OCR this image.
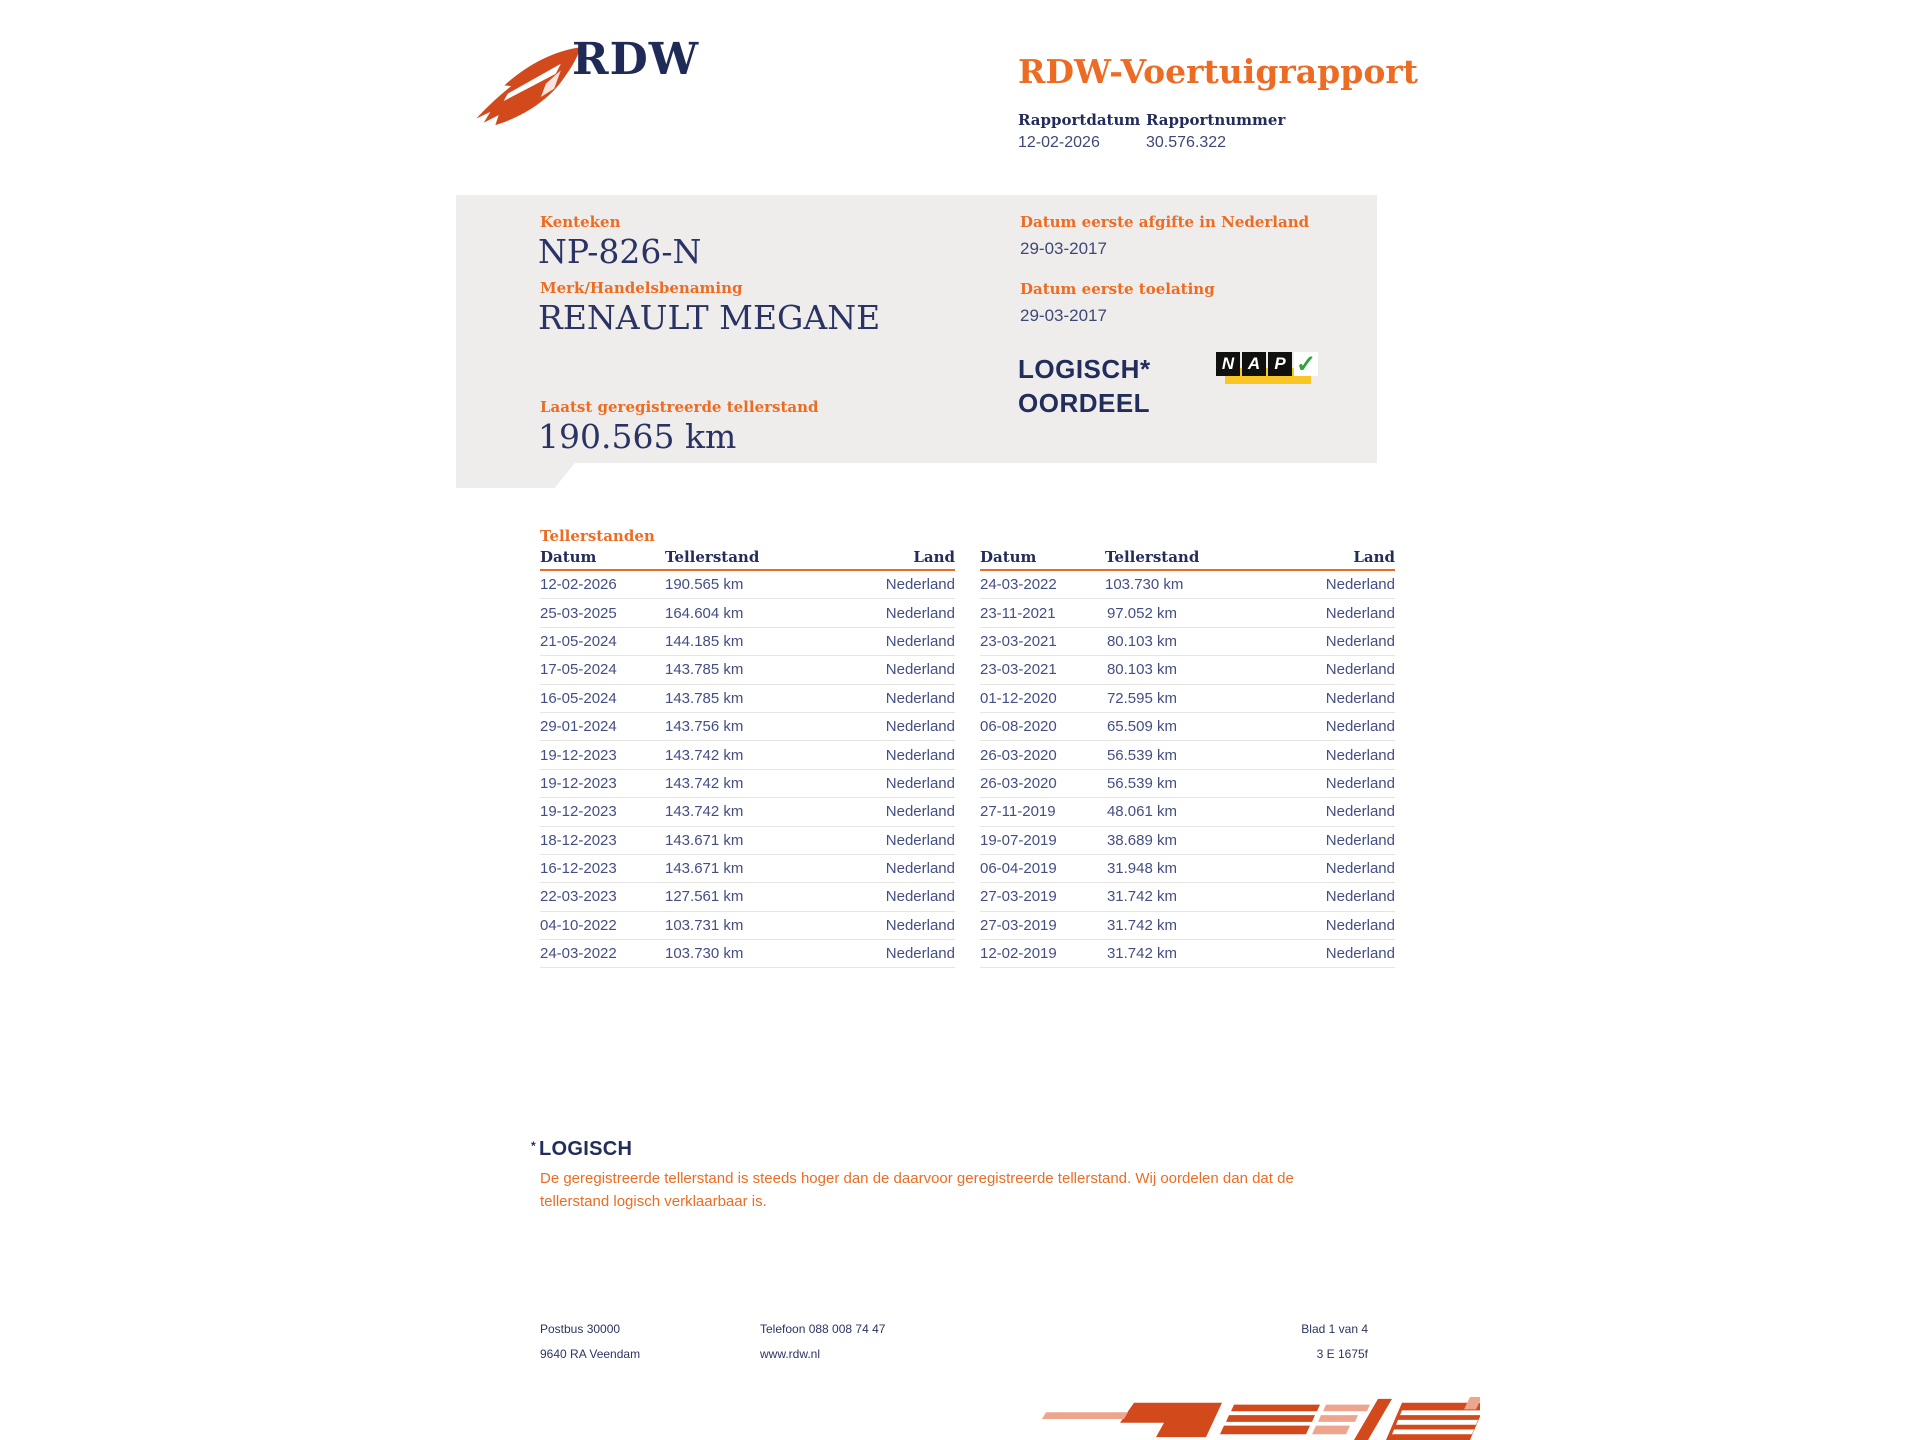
RDW	RDW-Voertuigrapport
Rapportdatum Rapportnummer
12-02-2026	30.576.322
Kenteken
NP-826-N
Merk/Handelsbenaming
RENAULT MEGANE
Laatst geregistreerde tellerstand
190.565 km
Datum eerste afgifte in Nederland
29-03-2017
Datum eerste toelating
29-03-2017
LOGISCH*
OORDEEL
N A P ✓
Tellerstanden
Datum	Tellerstand	Land
12-02-2026	190.565 km	Nederland
25-03-2025	164.604 km	Nederland
21-05-2024	144.185 km	Nederland
17-05-2024	143.785 km	Nederland
16-05-2024	143.785 km	Nederland
29-01-2024	143.756 km	Nederland
19-12-2023	143.742 km	Nederland
19-12-2023	143.742 km	Nederland
19-12-2023	143.742 km	Nederland
18-12-2023	143.671 km	Nederland
16-12-2023	143.671 km	Nederland
22-03-2023	127.561 km	Nederland
04-10-2022	103.731 km	Nederland
24-03-2022	103.730 km	Nederland
Datum	Tellerstand	Land
24-03-2022	103.730 km	Nederland
23-11-2021	97.052 km	Nederland
23-03-2021	80.103 km	Nederland
23-03-2021	80.103 km	Nederland
01-12-2020	72.595 km	Nederland
06-08-2020	65.509 km	Nederland
26-03-2020	56.539 km	Nederland
26-03-2020	56.539 km	Nederland
27-11-2019	48.061 km	Nederland
19-07-2019	38.689 km	Nederland
06-04-2019	31.948 km	Nederland
27-03-2019	31.742 km	Nederland
27-03-2019	31.742 km	Nederland
12-02-2019	31.742 km	Nederland
* LOGISCH
De geregistreerde tellerstand is steeds hoger dan de daarvoor geregistreerde tellerstand. Wij oordelen dan dat de tellerstand logisch verklaarbaar is.
Postbus 30000
9640 RA Veendam
Telefoon 088 008 74 47
www.rdw.nl
Blad 1 van 4
3 E 1675f
